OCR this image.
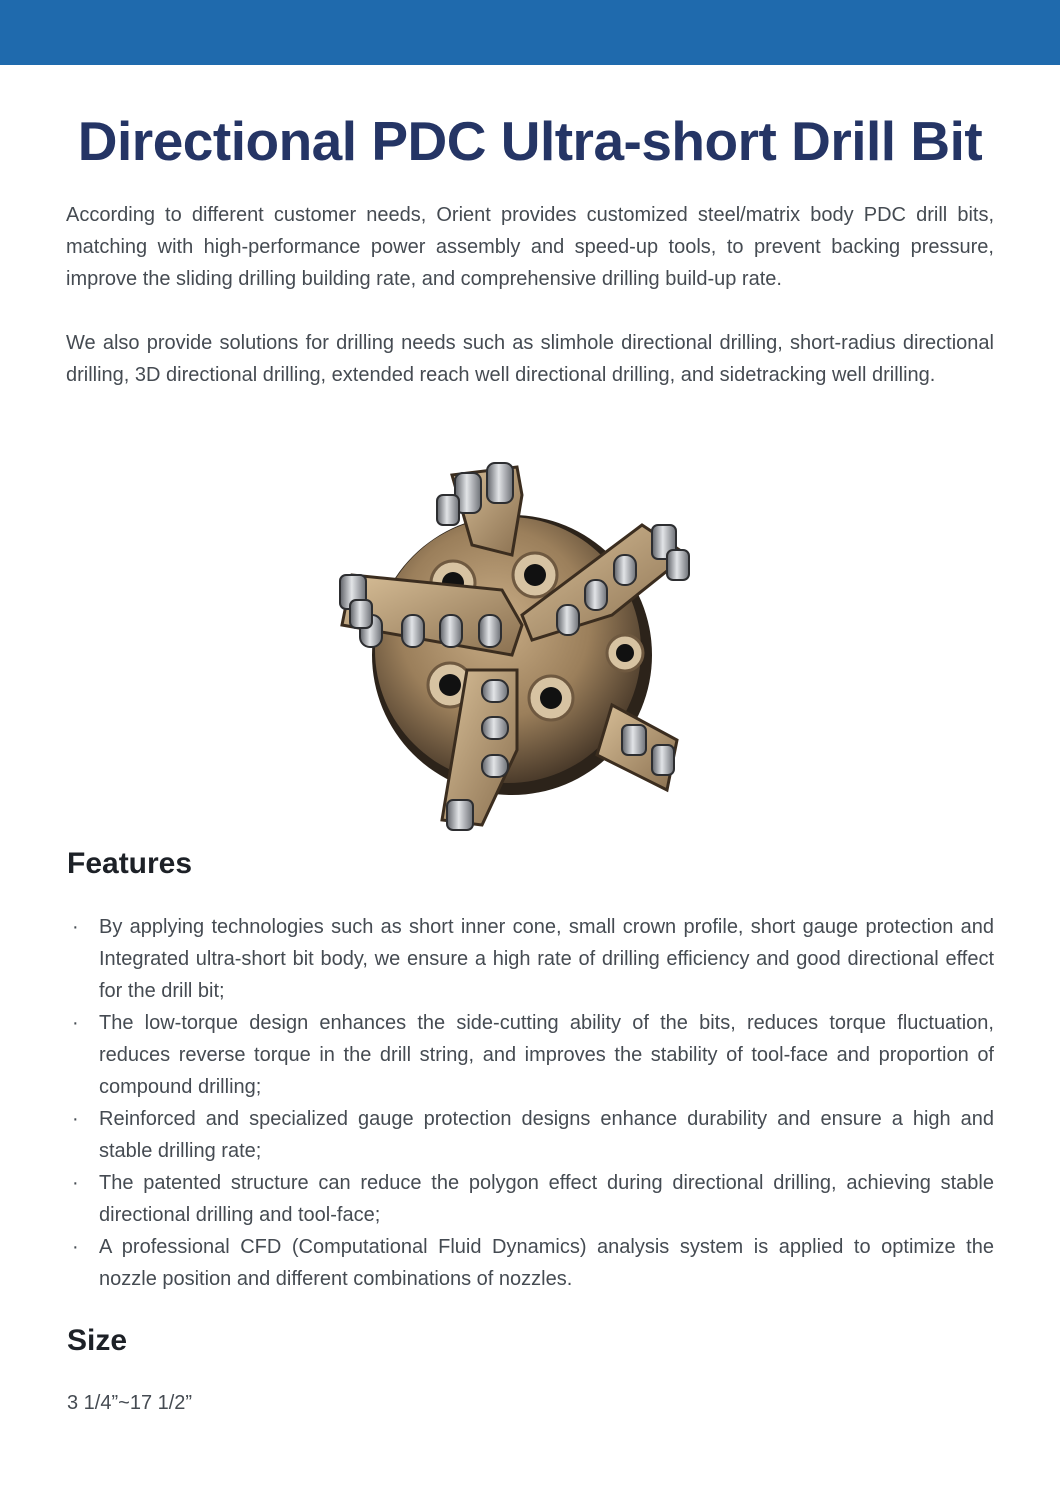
Directional PDC Ultra-short Drill Bit

According to different customer needs, Orient provides customized steel/matrix body PDC drill bits, matching with high-performance power assembly and speed-up tools, to prevent backing pressure, improve the sliding drilling building rate, and comprehensive drilling build-up rate.

We also provide solutions for drilling needs such as slimhole directional drilling, short-radius directional drilling, 3D directional drilling, extended reach well directional drilling, and sidetracking well drilling.

Features
· By applying technologies such as short inner cone, small crown profile, short gauge protection and Integrated ultra-short bit body, we ensure a high rate of drilling efficiency and good directional effect for the drill bit;
· The low-torque design enhances the side-cutting ability of the bits, reduces torque fluctuation, reduces reverse torque in the drill string, and improves the stability of tool-face and proportion of compound drilling;
· Reinforced and specialized gauge protection designs enhance durability and ensure a high and stable drilling rate;
· The patented structure can reduce the polygon effect during directional drilling, achieving stable directional drilling and tool-face;
· A professional CFD (Computational Fluid Dynamics) analysis system is applied to optimize the nozzle position and different combinations of nozzles.
Size

3 1/4”~17 1/2”
